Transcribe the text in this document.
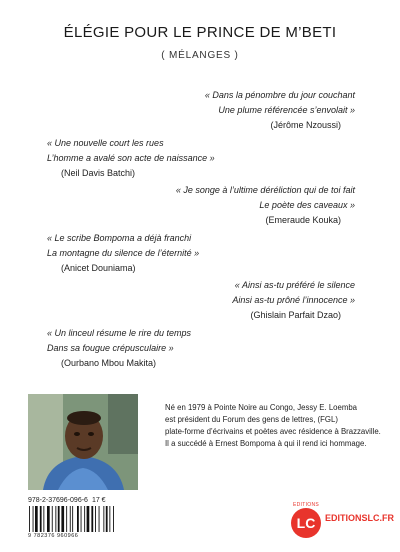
ÉLÉGIE POUR LE PRINCE DE M’BETI
( MÉLANGES )
« Dans la pénombre du jour couchant
Une plume référencée s’envolait »
(Jérôme Nzoussi)
« Une nouvelle court les rues
L’homme a avalé son acte de naissance »
(Neil Davis Batchi)
« Je songe à l’ultime déréliction qui de toi fait
Le poète des caveaux »
(Emeraude Kouka)
« Le scribe Bompoma a déjà franchi
La montagne du silence de l’éternité »
(Anicet Douniama)
« Ainsi as-tu préféré le silence
Ainsi as-tu prôné l’innocence »
(Ghislain Parfait Dzao)
« Un linceul résume le rire du temps
Dans sa fougue crépusculaire »
(Ourbano Mbou Makita)
Né en 1979 à Pointe Noire au Congo, Jessy E. Loemba
est président du Forum des gens de lettres, (FGL)
plate-forme d’écrivains et poètes avec résidence à Brazzaville.
Il a succédé à Ernest Bompoma à qui il rend ici hommage.
978-2-37696-096-6 17 €
9 782376 960966
EDITIONS
LC EDITIONSLC.FR
